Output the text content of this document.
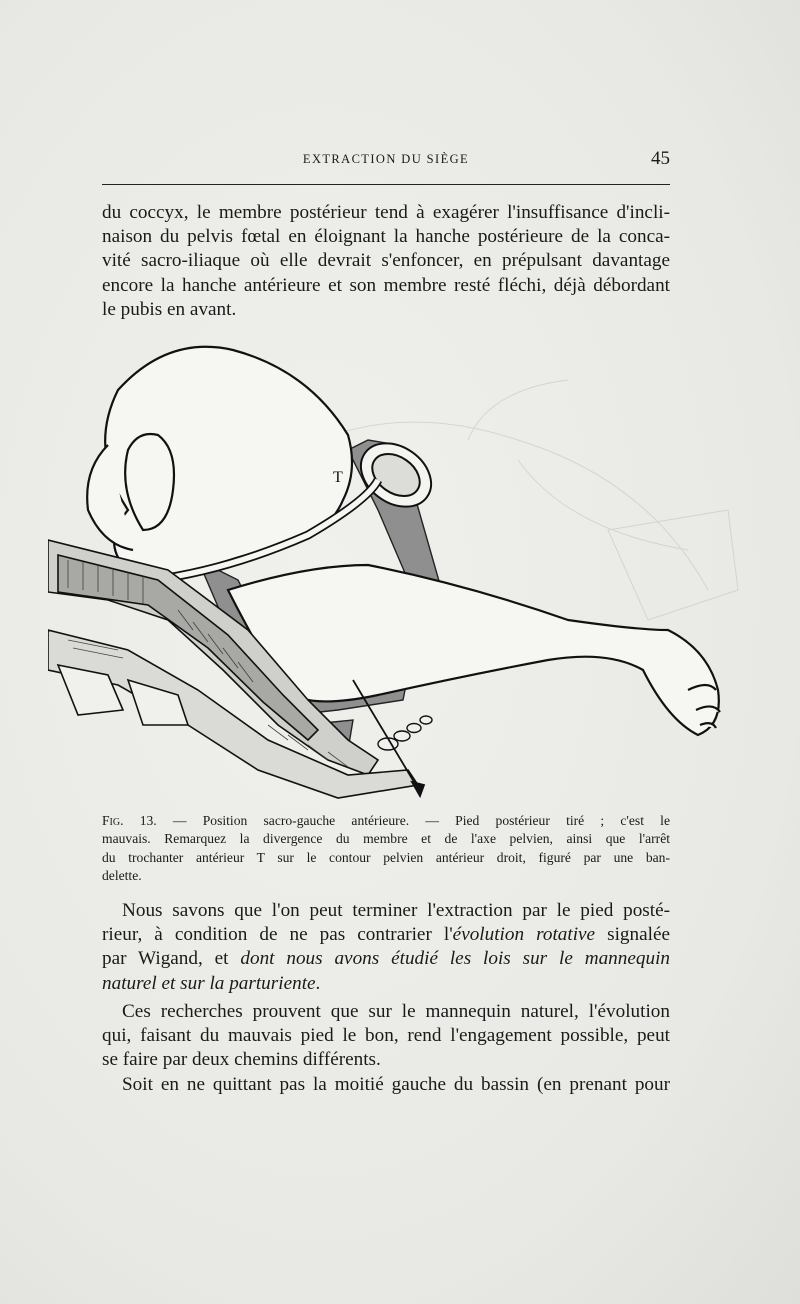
EXTRACTION DU SIÈGE	45
du coccyx, le membre postérieur tend à exagérer l'insuffisance d'incli-
naison du pelvis fœtal en éloignant la hanche postérieure de la conca-
vité sacro-iliaque où elle devrait s'enfoncer, en prépulsant davantage
encore la hanche antérieure et son membre resté fléchi, déjà débordant
le pubis en avant.
T
Fig. 13. — Position sacro-gauche antérieure. — Pied postérieur tiré ; c'est le
mauvais. Remarquez la divergence du membre et de l'axe pelvien, ainsi que l'arrêt
du trochanter antérieur T sur le contour pelvien antérieur droit, figuré par une ban-
delette.
Nous savons que l'on peut terminer l'extraction par le pied posté-
rieur, à condition de ne pas contrarier l'évolution rotative signalée
par Wigand, et dont nous avons étudié les lois sur le mannequin
naturel et sur la parturiente.
Ces recherches prouvent que sur le mannequin naturel, l'évolution
qui, faisant du mauvais pied le bon, rend l'engagement possible, peut
se faire par deux chemins différents.
Soit en ne quittant pas la moitié gauche du bassin (en prenant pour
